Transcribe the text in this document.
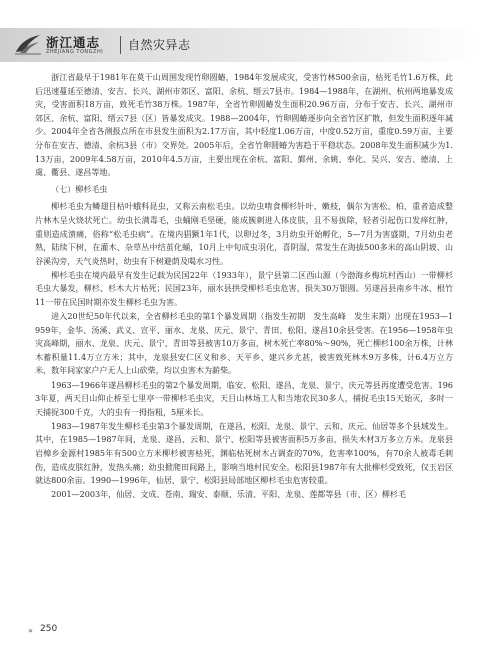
浙江通志
ZHEJIANG TONGZHI 自然灾异志

浙江省最早于1981年在莫干山周围发现竹卵圆蝽，1984年发展成灾，受害竹林500余亩，枯死毛竹1.6万株，此后迅速蔓延至德清、安吉、长兴、湖州市郊区、富阳、余杭、缙云7县市。1984—1988年，在湖州、杭州两地暴发成灾，受害面积18万亩，致死毛竹38万株。1987年，全省竹卵圆蝽发生面积20.96万亩，分布于安吉、长兴、湖州市郊区、余杭、富阳、缙云7县（区）皆暴发成灾。1988—2004年，竹卵圆蝽逐步向全省竹区扩散，但发生面积逐年减少。2004年全省各测报点所在市县发生面积为2.17万亩，其中轻度1.06万亩，中度0.52万亩，重度0.59万亩，主要分布在安吉、德清、余杭3县（市）交界处。2005年后，全省竹卵圆蝽为害趋于平稳状态。2008年发生面积减少为1.13万亩，2009年4.58万亩，2010年4.5万亩，主要出现在余杭、富阳、鄞州、余姚、奉化、吴兴、安吉、德清、上虞、衢县、遂昌等地。

（七）柳杉毛虫

柳杉毛虫为鳞翅目枯叶蛾科昆虫，又称云南松毛虫。以幼虫啃食柳杉针叶、嫩枝，偶尔为害松、柏，重者造成整片林木呈火烧状死亡。幼虫长满毒毛，虫蛹刚毛坚硬，能成簇刺进人体皮肤，且不易拔除，轻者引起伤口发痒红肿，重则造成溃痛，俗称“松毛虫病”。在境内猖獗1年1代，以卵过冬，3月幼虫开始孵化，5—7月为害盛期，7月幼虫老熟，陆续下树，在灌木、杂草丛中结茧化蛹，10月上中旬成虫羽化，喜阴湿，常发生在海拔500多米的高山阴坡、山谷溪沟旁，天气炎热时，幼虫有下树避荫及喝水习性。

柳杉毛虫在境内最早有发生记载为民国22年（1933年），景宁县第二区西山源（今渤海乡梅坑村西山）一带柳杉毛虫大暴发，柳杉、杉木大片枯死；民国23年，丽水县拱受柳杉毛虫危害，损失30万银圆。另遂昌县南乡牛冰、根竹11一带在民国时期亦发生柳杉毛虫为害。

进入20世纪50年代以来，全省柳杉毛虫的第1个暴发周期（指发生初期　发生高峰　发生末期）出现在1953—1959年，金华、汤溪、武义、宣平、丽水、龙泉、庆元、景宁、青田、松阳、遂昌10余县受害。在1956—1958年虫灾高峰期，丽水、龙泉、庆元、景宁、青田等县被害10万多亩，树木死亡率80%～90%，死亡柳杉100余万株，计林木蓄积量11.4万立方米；其中，龙泉县安仁区义和乡、天平乡、建兴乡尤甚，被害致死林木9万多株，计6.4万立方米，数年间家家户户无人上山砍柴，均以虫害木为薪柴。

1963—1966年遂昌柳杉毛虫的第2个暴发周期，临安、松阳、遂昌、龙泉、景宁、庆元等县再度遭受危害。1963年夏，两天目山仰止桥至七里亭一带柳杉毛虫灾，天目山林场工人和当地农民30多人，捕捉毛虫15天始灭，多时一天捕捉300千克，大的虫有一拇指粗，5厘米长。

1983—1987年发生柳杉毛虫第3个暴发周期，在遂昌、松阳、龙泉、景宁、云和、庆元、仙居等多个县域发生。其中，在1985—1987年间，龙泉、遂昌、云和、景宁、松阳等县被害面积5万多亩，损失木材3万多立方米。龙泉县岩樟乡金源村1985年有500立方米柳杉被害枯死，渊临枯死树木占调查的70%，危害率100%，有70余人被毒毛刺伤，造成皮肤红肿，发热头痛；幼虫掀爬田间路上，影响当地村民安全。松阳县1987年有大批柳杉受致死，仅玉岩区就达800余亩。1990—1996年，仙居、景宁、松阳县局部地区柳杉毛虫危害较重。

2001—2003年，仙居、文成、苍南、瑞安、泰顺、乐清、平阳、龙泉、莲都等县（市、区）柳杉毛

» 250
